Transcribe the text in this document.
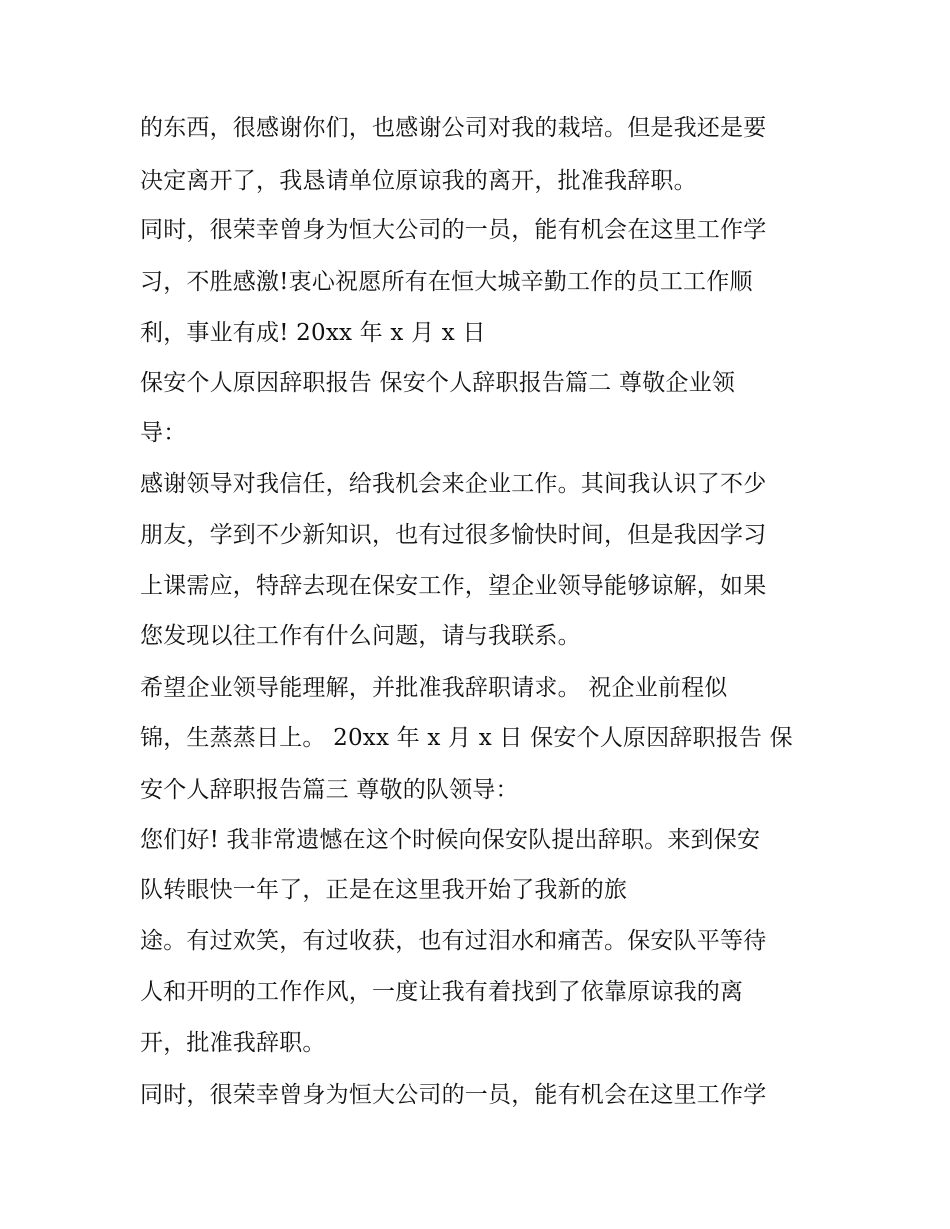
的东西，很感谢你们，也感谢公司对我的栽培。但是我还是要
决定离开了，我恳请单位原谅我的离开，批准我辞职。
同时，很荣幸曾身为恒大公司的一员，能有机会在这里工作学
习，不胜感激!衷心祝愿所有在恒大城辛勤工作的员工工作顺
利，事业有成! 20xx 年 x 月 x 日
保安个人原因辞职报告 保安个人辞职报告篇二 尊敬企业领
导：
感谢领导对我信任，给我机会来企业工作。其间我认识了不少
朋友，学到不少新知识，也有过很多愉快时间，但是我因学习
上课需应，特辞去现在保安工作，望企业领导能够谅解，如果
您发现以往工作有什么问题，请与我联系。
希望企业领导能理解，并批准我辞职请求。 祝企业前程似
锦，生蒸蒸日上。 20xx 年 x 月 x 日 保安个人原因辞职报告 保
安个人辞职报告篇三 尊敬的队领导：
您们好! 我非常遗憾在这个时候向保安队提出辞职。来到保安
队转眼快一年了，正是在这里我开始了我新的旅
途。有过欢笑，有过收获，也有过泪水和痛苦。保安队平等待
人和开明的工作作风，一度让我有着找到了依靠原谅我的离
开，批准我辞职。
同时，很荣幸曾身为恒大公司的一员，能有机会在这里工作学
